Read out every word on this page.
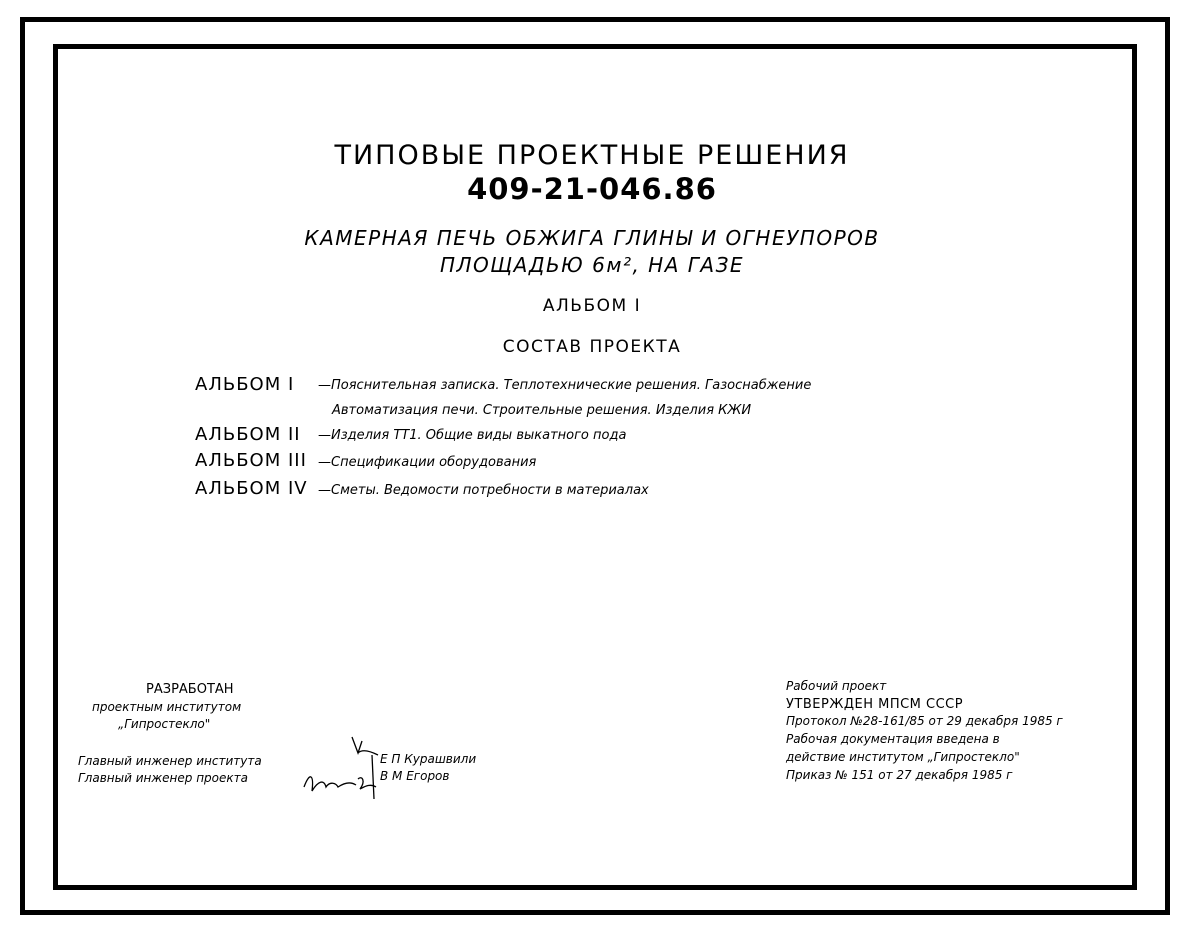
ТИПОВЫЕ ПРОЕКТНЫЕ РЕШЕНИЯ
409-21-046.86
КАМЕРНАЯ ПЕЧЬ ОБЖИГА ГЛИНЫ И ОГНЕУПОРОВ
ПЛОЩАДЬЮ 6м², НА ГАЗЕ
АЛЬБОМ I
СОСТАВ ПРОЕКТА
АЛЬБОМ I —Пояснительная записка. Теплотехнические решения. Газоснабжение
Автоматизация печи. Строительные решения. Изделия КЖИ
АЛЬБОМ II —Изделия ТТ1. Общие виды выкатного пода
АЛЬБОМ III —Спецификации оборудования
АЛЬБОМ IV —Сметы. Ведомости потребности в материалах
РАЗРАБОТАН
проектным институтом
„Гипростекло"
Главный инженер института
Главный инженер проекта
Е П Курашвили
В М Егоров
Рабочий проект
УТВЕРЖДЕН МПСМ СССР
Протокол №28-161/85 от 29 декабря 1985 г
Рабочая документация введена в
действие институтом „Гипростекло"
Приказ № 151 от 27 декабря 1985 г
